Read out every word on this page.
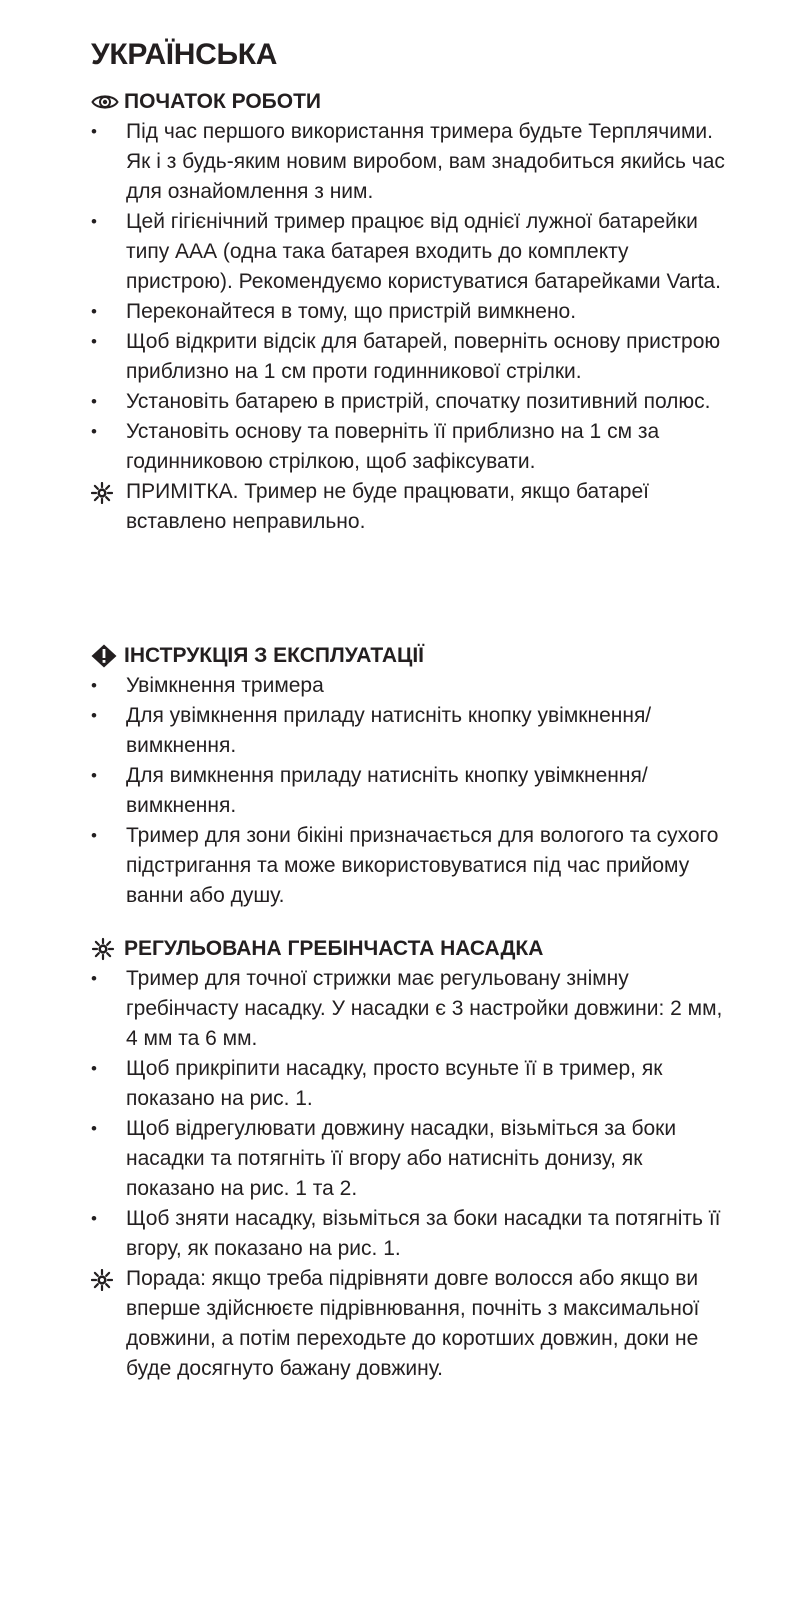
УКРАЇНСЬКА
ПОЧАТОК РОБОТИ
• Під час першого використання тримера будьте Терплячими. Як і з будь-яким новим виробом, вам знадобиться якийсь час для ознайомлення з ним.
• Цей гігієнічний тример працює від однієї лужної батарейки типу ААА (одна така батарея входить до комплекту пристрою). Рекомендуємо користуватися батарейками Varta.
• Переконайтеся в тому, що пристрій вимкнено.
• Щоб відкрити відсік для батарей, поверніть основу пристрою приблизно на 1 см проти годинникової стрілки.
• Установіть батарею в пристрій, спочатку позитивний полюс.
• Установіть основу та поверніть її приблизно на 1 см за годинниковою стрілкою, щоб зафіксувати.
ПРИМІТКА. Тример не буде працювати, якщо батареї вставлено неправильно.
ІНСТРУКЦІЯ З ЕКСПЛУАТАЦІЇ
• Увімкнення тримера
• Для увімкнення приладу натисніть кнопку увімкнення/вимкнення.
• Для вимкнення приладу натисніть кнопку увімкнення/вимкнення.
• Тример для зони бікіні призначається для вологого та сухого підстригання та може використовуватися під час прийому ванни або душу.
РЕГУЛЬОВАНА ГРЕБІНЧАСТА НАСАДКА
• Тример для точної стрижки має регульовану знімну гребінчасту насадку. У насадки є 3 настройки довжини: 2 мм, 4 мм та 6 мм.
• Щоб прикріпити насадку, просто всуньте її в тример, як показано на рис. 1.
• Щоб відрегулювати довжину насадки, візьміться за боки насадки та потягніть її вгору або натисніть донизу, як показано на рис. 1 та 2.
• Щоб зняти насадку, візьміться за боки насадки та потягніть її вгору, як показано на рис. 1.
Порада: якщо треба підрівняти довге волосся або якщо ви вперше здійснюєте підрівнювання, почніть з максимальної довжини, а потім переходьте до коротших довжин, доки не буде досягнуто бажану довжину.
